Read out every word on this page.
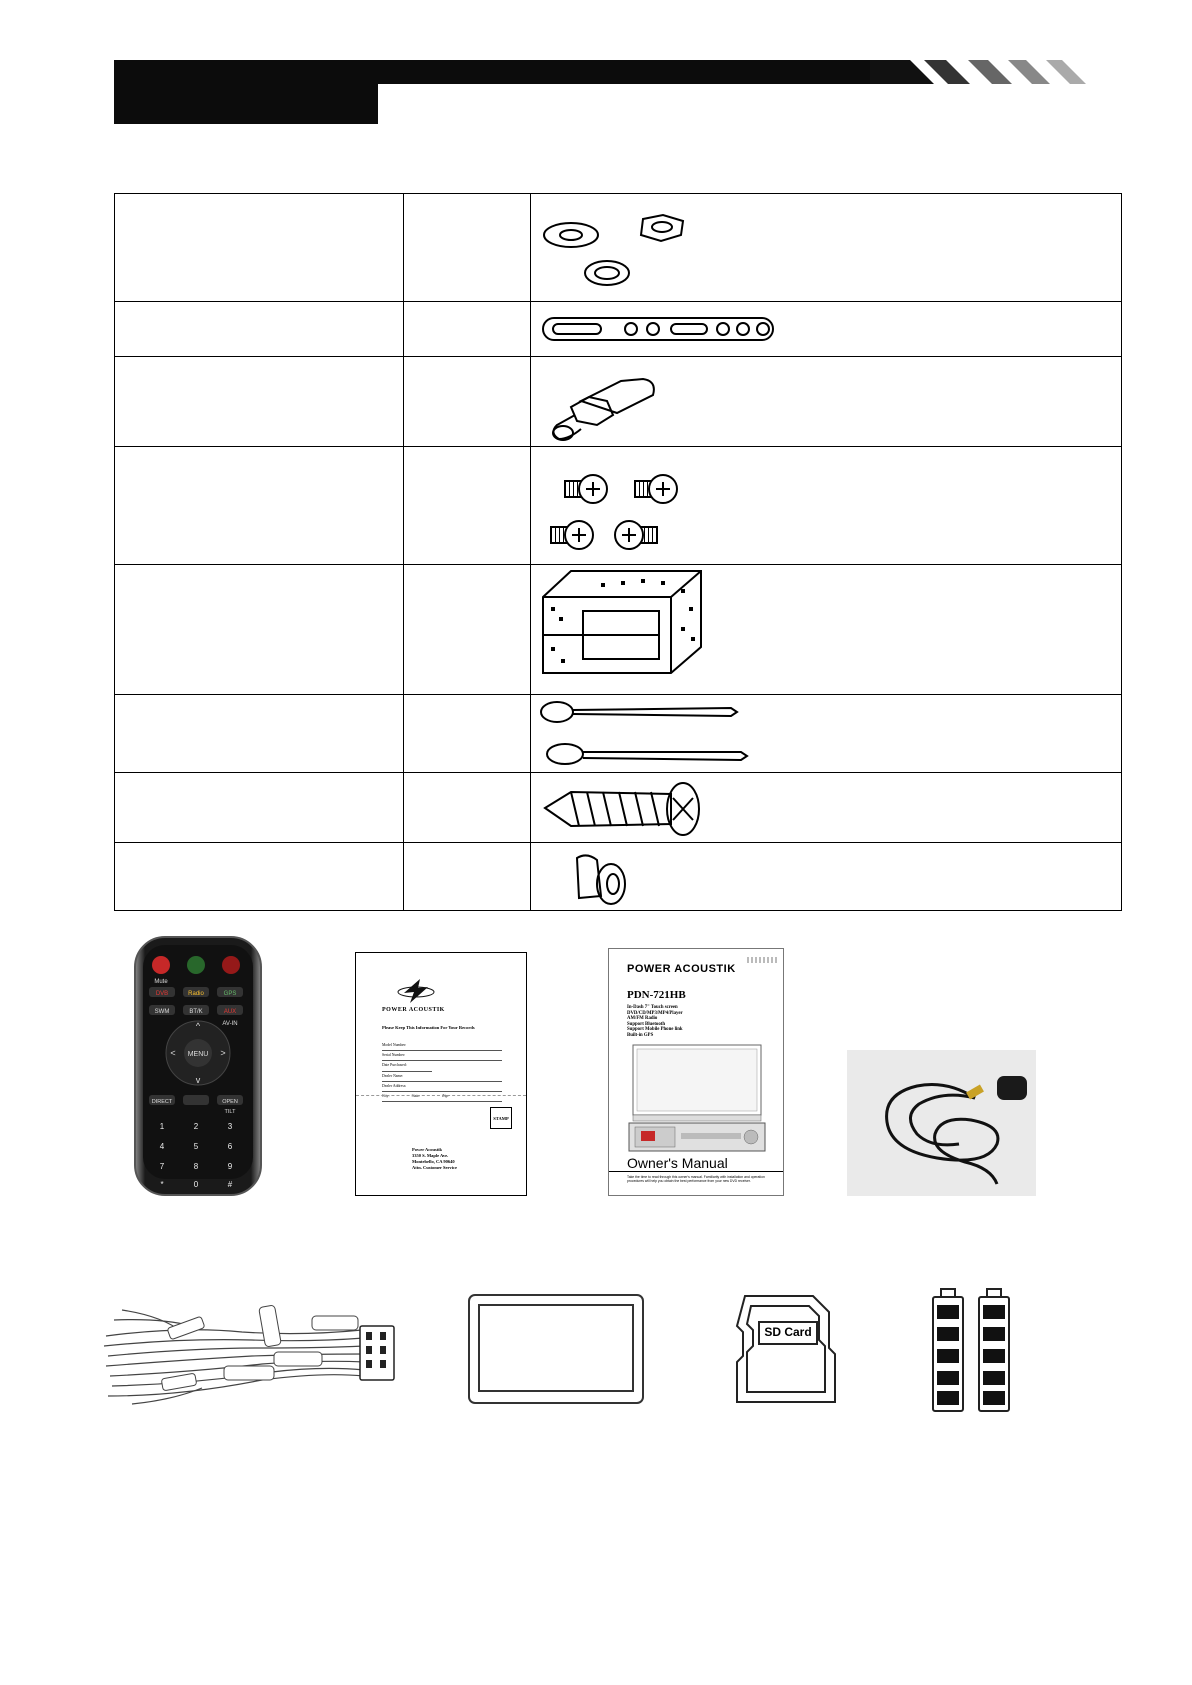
Mute
DVB	Radio	GPS
SWM	BT/K	AUX
AV-IN
MENU
^
v
<	>
DIRECT	OPEN
TILT
1	2	3
4	5	6
7	8	9
*	0	#
POWER ACOUSTIK
Please Keep This Information For Your Records
Model Number:
Serial Number:
Date Purchased:
Dealer Name:
Dealer Address:
City:	State:	Zip:
STAMP
Power Acoustik
3350 S. Maple Ave.
Montebello, CA 90640
Attn. Customer Service
POWER ACOUSTIK
PDN-721HB
In-Dash 7" Touch screen
DVD/CD/MP3/MP4/Player
AM/FM Radio
Support Bluetooth
Support Mobile Phone link
Built-in GPS
Owner's Manual
Take the time to read through this owner's manual. Familiarity with installation and operation procedures will help you obtain the best performance from your new DVD receiver.
SD Card
